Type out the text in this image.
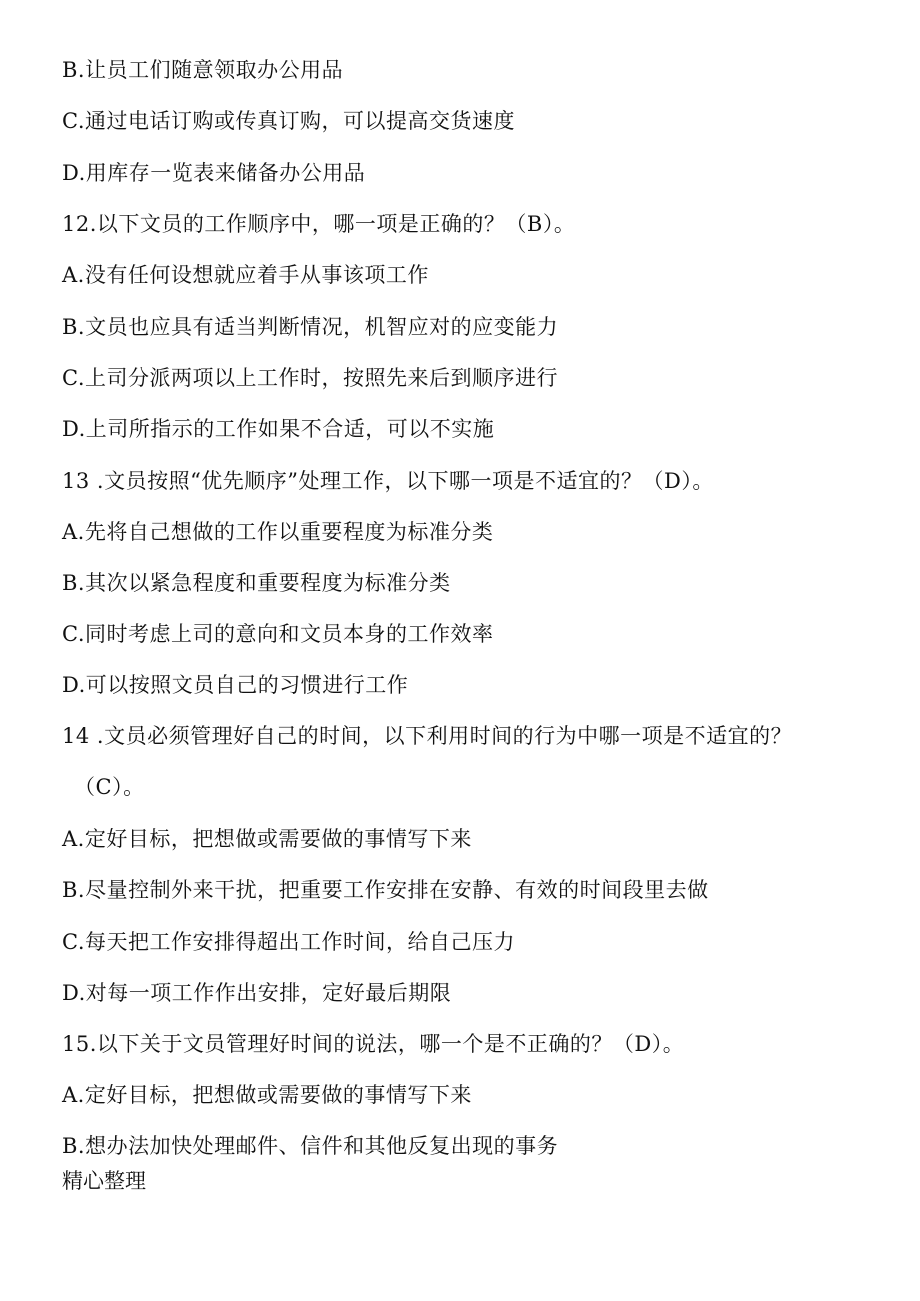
B.让员工们随意领取办公用品
C.通过电话订购或传真订购，可以提高交货速度
D.用库存一览表来储备办公用品
12.以下文员的工作顺序中，哪一项是正确的？（B）。
A.没有任何设想就应着手从事该项工作
B.文员也应具有适当判断情况，机智应对的应变能力
C.上司分派两项以上工作时，按照先来后到顺序进行
D.上司所指示的工作如果不合适，可以不实施
13 .文员按照“优先顺序”处理工作，以下哪一项是不适宜的？（D）。
A.先将自己想做的工作以重要程度为标准分类
B.其次以紧急程度和重要程度为标准分类
C.同时考虑上司的意向和文员本身的工作效率
D.可以按照文员自己的习惯进行工作
14 .文员必须管理好自己的时间，以下利用时间的行为中哪一项是不适宜的？
（C）。
A.定好目标，把想做或需要做的事情写下来
B.尽量控制外来干扰，把重要工作安排在安静、有效的时间段里去做
C.每天把工作安排得超出工作时间，给自己压力
D.对每一项工作作出安排，定好最后期限
15.以下关于文员管理好时间的说法，哪一个是不正确的？（D）。
A.定好目标，把想做或需要做的事情写下来
B.想办法加快处理邮件、信件和其他反复出现的事务
精心整理
